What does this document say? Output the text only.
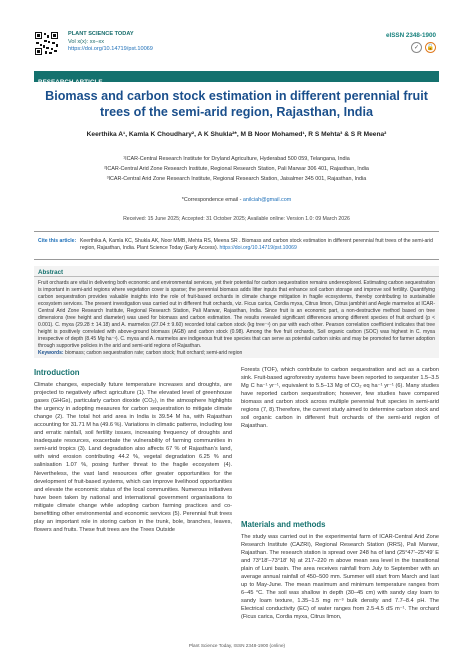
PLANT SCIENCE TODAY
Vol x(x): xx–xx
https://doi.org/10.14719/pst.10069
eISSN 2348-1900
✓	🔓
RESEARCH ARTICLE
Biomass and carbon stock estimation in different perennial fruit trees of the semi-arid region, Rajasthan, India
Keerthika A¹, Kamla K Choudhary², A K Shukla²*, M B Noor Mohamed¹, R S Mehta³ & S R Meena²
¹ICAR-Central Research Institute for Dryland Agriculture, Hyderabad 500 059, Telangana, India
²ICAR-Central Arid Zone Research Institute, Regional Research Station, Pali Marwar 306 401, Rajasthan, India
³ICAR-Central Arid Zone Research Institute, Regional Research Station, Jaisalmer 345 001, Rajasthan, India
*Correspondence email - anilciah@gmail.com
Received: 15 June 2025; Accepted: 31 October 2025; Available online: Version 1.0: 09 March 2026
Cite this article: Keerthika A, Kamla KC, Shukla AK, Noor MMB, Mehta RS, Meena SR . Biomass and carbon stock estimation in different perennial fruit trees of the semi-arid region, Rajasthan, India. Plant Science Today (Early Access). https://doi.org/10.14719/pst.10069
Abstract
Fruit orchards are vital in delivering both economic and environmental services, yet their potential for carbon sequestration remains underexplored. Estimating carbon sequestration is important in semi-arid regions where vegetation cover is sparse; the perennial biomass adds litter inputs that enhance soil carbon storage and improve soil fertility. Quantifying carbon sequestration provides valuable insights into the role of fruit-based orchards in climate change mitigation in fragile ecosystems, thereby contributing to sustainable ecosystem services. The present investigation was carried out in different fruit orchards, viz. Ficus carica, Cordia myxa, Citrus limon, Citrus jambhiri and Aegle marmelos at ICAR-Central Arid Zone Research Institute, Regional Research Station, Pali Marwar, Rajasthan, India. Since fruit is an economic part, a non-destructive method based on tree dimensions (tree height and diameter) was used for biomass and carbon estimation. The results revealed significant differences among different species of fruit orchard (p < 0.001). C. myxa (29.28 ± 14.18) and A. marmelos (27.04 ± 9.60) recorded total carbon stock (kg tree⁻¹) on par with each other. Pearson correlation coefficient indicates that tree height is positively correlated with above-ground biomass (AGB) and carbon stock (0.98). Among the five fruit orchards, Soil organic carbon (SOC) was highest in C. myxa irrespective of depth (8.45 Mg ha⁻¹). C. myxa and A. marmelos are indigenous fruit tree species that can serve as potential carbon sinks and may be promoted for farmer adoption through supportive policies in the arid and semi-arid regions of Rajasthan.
Keywords: biomass; carbon sequestration rate; carbon stock; fruit orchard; semi-arid region
Introduction
Climate changes, especially future temperature increases and droughts, are projected to negatively affect agriculture (1). The elevated level of greenhouse gases (GHGs), particularly carbon dioxide (CO₂), in the atmosphere highlights the urgency in adopting measures for carbon sequestration to mitigate climate change (2). The total hot arid area in India is 39.54 M ha, with Rajasthan accounting for 31.71 M ha (49.6 %). Variations in climatic patterns, including low and erratic rainfall, soil fertility issues, increasing frequency of droughts and inadequate resources, exacerbate the vulnerability of farming communities in semi-arid tropics (3). Land degradation also affects 67 % of Rajasthan's land, with wind erosion contributing 44.2 %, vegetal degradation 6.25 % and salinisation 1.07 %, posing further threat to the fragile ecosystem (4). Nevertheless, the vast land resources offer greater opportunities for the development of fruit-based systems, which can improve livelihood opportunities and elevate the economic status of the local communities. Numerous initiatives have been taken by national and international government organisations to mitigate climate change while adopting carbon farming practices and co-benefitting other environmental and economic services (5). Perennial fruit trees play an important role in storing carbon in the trunk, bole, branches, leaves, flowers and fruits. These fruit trees are the Trees Outside
Forests (TOF), which contribute to carbon sequestration and act as a carbon sink. Fruit-based agroforestry systems have been reported to sequester 1.5–3.5 Mg C ha⁻¹ yr⁻¹, equivalent to 5.5–13 Mg of CO₂ eq ha⁻¹ yr⁻¹ (6). Many studies have reported carbon sequestration; however, few studies have compared biomass and carbon stock across multiple perennial fruit species in semi-arid regions (7, 8).Therefore, the current study aimed to determine carbon stock and soil organic carbon in different fruit orchards of the semi-arid region of Rajasthan.
Materials and methods
The study was carried out in the experimental farm of ICAR-Central Arid Zone Research Institute (CAZRI), Regional Research Station (RRS), Pali Marwar, Rajasthan. The research station is spread over 248 ha of land (25°47′–25°49′ E and 73°18′–73°18′ N) at 217–220 m above mean sea level in the transitional plain of Luni basin. The area receives rainfall from July to September with an average annual rainfall of 450–500 mm. Summer will start from March and last up to May-June. The mean maximum and minimum temperature ranges from 6–45 °C. The soil was shallow in depth (30–45 cm) with sandy clay loam to sandy loam texture, 1.35–1.5 mg m⁻³ bulk density and 7.7–8.4 pH. The Electrical conductivity (EC) of water ranges from 2.5-4.5 dS m⁻¹. The orchard (Ficus carica, Cordia myxa, Citrus limon,
Plant Science Today, ISSN 2348-1900 (online)
